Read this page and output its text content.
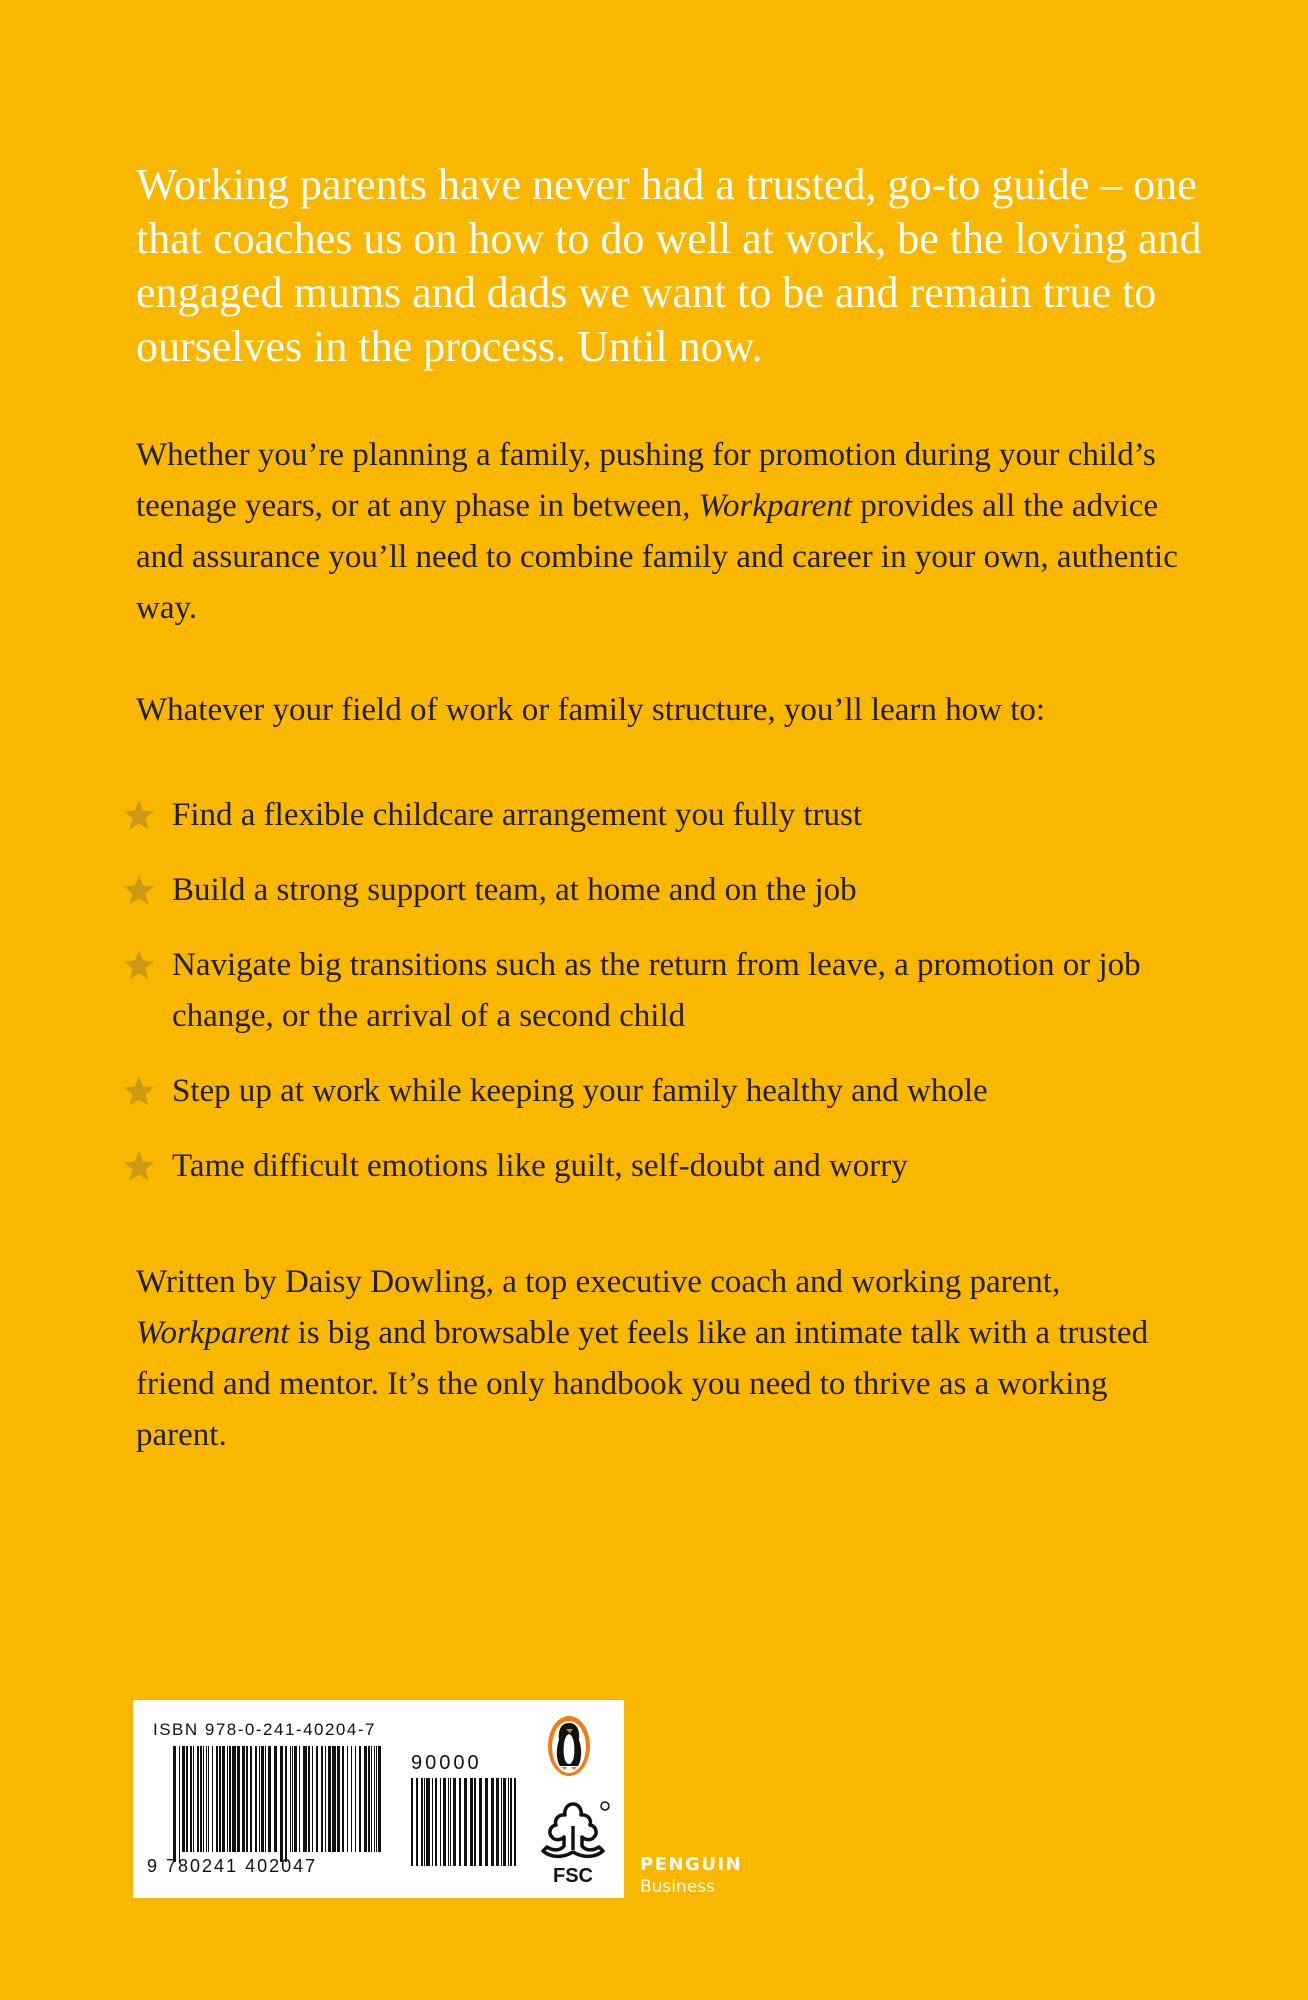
Working parents have never had a trusted, go-to guide – one that coaches us on how to do well at work, be the loving and engaged mums and dads we want to be and remain true to ourselves in the process. Until now.

Whether you’re planning a family, pushing for promotion during your child’s teenage years, or at any phase in between, Workparent provides all the advice and assurance you’ll need to combine family and career in your own, authentic way.

Whatever your field of work or family structure, you’ll learn how to:

Find a flexible childcare arrangement you fully trust
Build a strong support team, at home and on the job
Navigate big transitions such as the return from leave, a promotion or job change, or the arrival of a second child
Step up at work while keeping your family healthy and whole
Tame difficult emotions like guilt, self-doubt and worry

Written by Daisy Dowling, a top executive coach and working parent, Workparent is big and browsable yet feels like an intimate talk with a trusted friend and mentor. It’s the only handbook you need to thrive as a working parent.

ISBN 978-0-241-40204-7
9 780241 402047
90000
FSC
PENGUIN
Business
